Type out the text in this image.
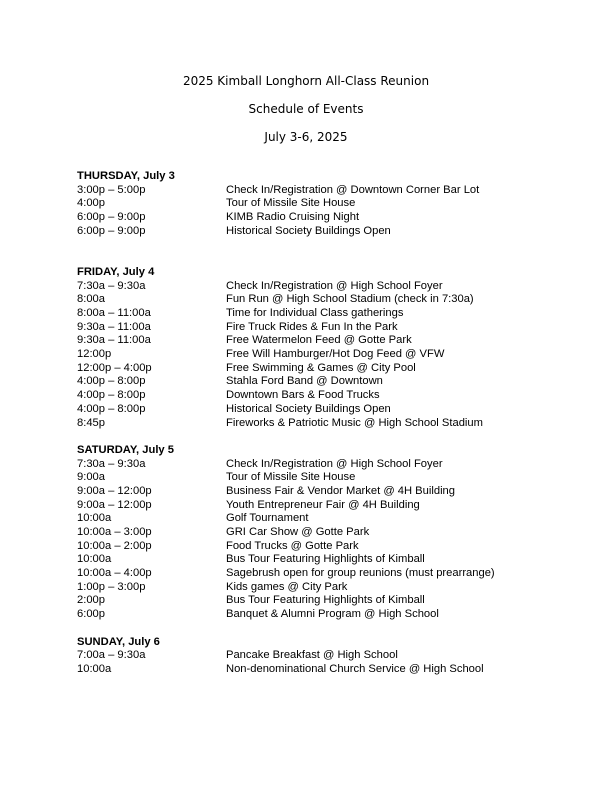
2025 Kimball Longhorn All-Class Reunion
Schedule of Events
July 3-6, 2025
THURSDAY, July 3
3:00p – 5:00p	Check In/Registration @ Downtown Corner Bar Lot
4:00p	Tour of Missile Site House
6:00p – 9:00p	KIMB Radio Cruising Night
6:00p – 9:00p	Historical Society Buildings Open
FRIDAY, July 4
7:30a – 9:30a	Check In/Registration @ High School Foyer
8:00a	Fun Run @ High School Stadium (check in 7:30a)
8:00a – 11:00a	Time for Individual Class gatherings
9:30a – 11:00a	Fire Truck Rides & Fun In the Park
9:30a – 11:00a	Free Watermelon Feed @ Gotte Park
12:00p	Free Will Hamburger/Hot Dog Feed @ VFW
12:00p – 4:00p	Free Swimming & Games @ City Pool
4:00p – 8:00p	Stahla Ford Band @ Downtown
4:00p – 8:00p	Downtown Bars & Food Trucks
4:00p – 8:00p	Historical Society Buildings Open
8:45p	Fireworks & Patriotic Music @ High School Stadium
SATURDAY, July 5
7:30a – 9:30a	Check In/Registration @ High School Foyer
9:00a	Tour of Missile Site House
9:00a – 12:00p	Business Fair & Vendor Market @ 4H Building
9:00a – 12:00p	Youth Entrepreneur Fair @ 4H Building
10:00a	Golf Tournament
10:00a – 3:00p	GRI Car Show @ Gotte Park
10:00a – 2:00p	Food Trucks @ Gotte Park
10:00a	Bus Tour Featuring Highlights of Kimball
10:00a – 4:00p	Sagebrush open for group reunions (must prearrange)
1:00p – 3:00p	Kids games @ City Park
2:00p	Bus Tour Featuring Highlights of Kimball
6:00p	Banquet & Alumni Program @ High School
SUNDAY, July 6
7:00a – 9:30a	Pancake Breakfast @ High School
10:00a	Non-denominational Church Service @ High School
